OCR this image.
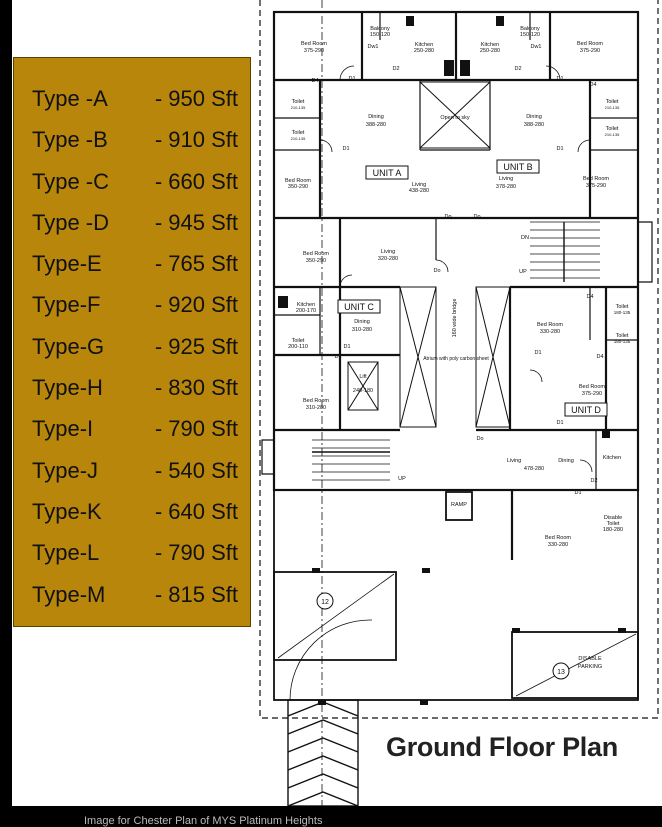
UNIT A
UNIT B
UNIT C
UNIT D
Bed Room
375-290
Balcony
150-120
Kitchen
250-280
Kitchen
250-280
Balcony
150-120
Bed Room
375-290
Toilet
210-135
Toilet
210-135
Dining
388-280
Open to sky	Dining
388-280
Toilet
210-135
Toilet
210-135
Bed Room
350-290	Living
438-280
Living
378-280
Bed Room
375-290
Bed Room
350-290
Living
320-280
Kitchen
200-170
Toilet
200-110
Dining
310-280
Bed Room
310-280
Lift
240-180
160 wide bridge
Atrium with poly carbon sheet
Bed Room
330-280
Toilet
180-135
Toilet
180-135
Bed Room
375-290
Living
478-280
Dining	Kitchen
Disable
Toilet
180-280
Bed Room
330-280
RAMP
DISABLE
PARKING
12
13
UP
UP
DN
D1	D1
D1	D1
D1
D1
D1
D1
D1
D2	D2
D2
D4
D4
D4
D4
Dw1	Dw1
Do	Do
Do
Do
Type -A - 950 Sft
Type -B - 910 Sft
Type -C - 660 Sft
Type -D - 945 Sft
Type-E - 765 Sft
Type-F - 920 Sft
Type-G - 925 Sft
Type-H - 830 Sft
Type-I	- 790 Sft
Type-J	- 540 Sft
Type-K - 640 Sft
Type-L	- 790 Sft
Type-M - 815 Sft
Ground Floor Plan
Image for Chester Plan of MYS Platinum Heights
